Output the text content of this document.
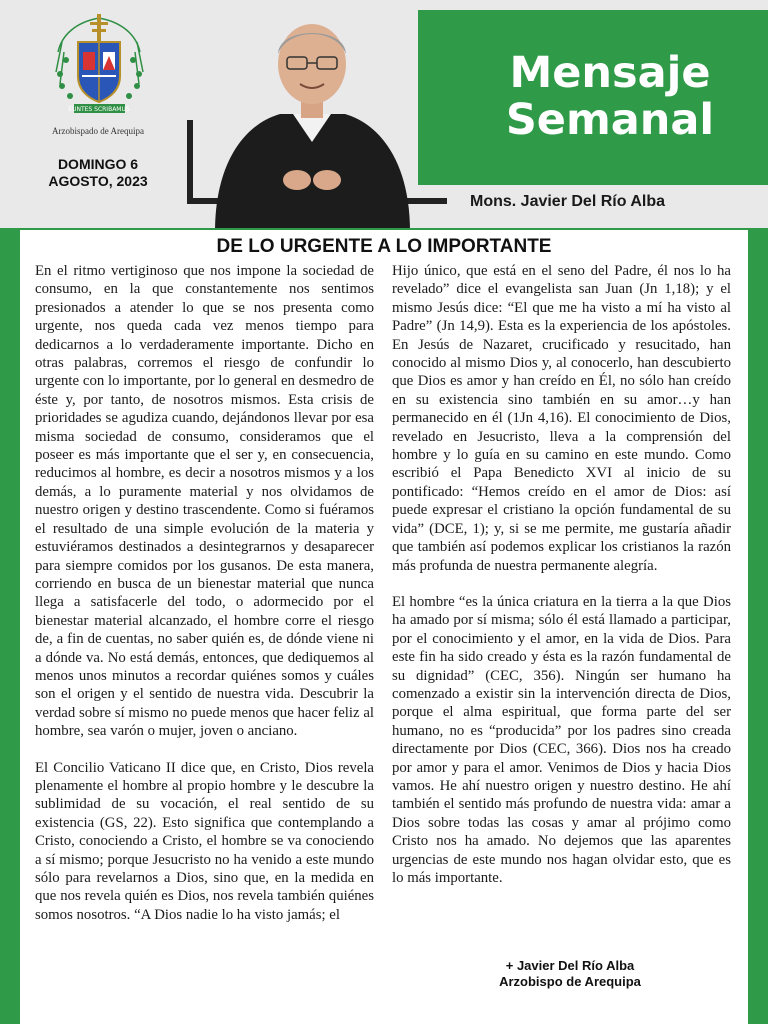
EUNTES SCRIBAMUS
Arzobispado de Arequipa
DOMINGO 6
AGOSTO, 2023
Mensaje
Semanal
Mons. Javier Del Río Alba
DE LO URGENTE A LO IMPORTANTE

En el ritmo vertiginoso que nos impone la sociedad de consumo, en la que constantemente nos sentimos presionados a atender lo que se nos presenta como urgente, nos queda cada vez menos tiempo para dedicarnos a lo verdaderamente importante. Dicho en otras palabras, corremos el riesgo de confundir lo urgente con lo importante, por lo general en desmedro de éste y, por tanto, de nosotros mismos. Esta crisis de prioridades se agudiza cuando, dejándonos llevar por esa misma sociedad de consumo, consideramos que el poseer es más importante que el ser y, en consecuencia, reducimos al hombre, es decir a nosotros mismos y a los demás, a lo puramente material y nos olvidamos de nuestro origen y destino trascendente. Como si fuéramos el resultado de una simple evolución de la materia y estuviéramos destinados a desintegrarnos y desaparecer para siempre comidos por los gusanos. De esta manera, corriendo en busca de un bienestar material que nunca llega a satisfacerle del todo, o adormecido por el bienestar material alcanzado, el hombre corre el riesgo de, a fin de cuentas, no saber quién es, de dónde viene ni a dónde va. No está demás, entonces, que dediquemos al menos unos minutos a recordar quiénes somos y cuáles son el origen y el sentido de nuestra vida. Descubrir la verdad sobre sí mismo no puede menos que hacer feliz al hombre, sea varón o mujer, joven o anciano.

El Concilio Vaticano II dice que, en Cristo, Dios revela plenamente el hombre al propio hombre y le descubre la sublimidad de su vocación, el real sentido de su existencia (GS, 22). Esto significa que contemplando a Cristo, conociendo a Cristo, el hombre se va conociendo a sí mismo; porque Jesucristo no ha venido a este mundo sólo para revelarnos a Dios, sino que, en la medida en que nos revela quién es Dios, nos revela también quiénes somos nosotros. “A Dios nadie lo ha visto jamás; el

Hijo único, que está en el seno del Padre, él nos lo ha revelado” dice el evangelista san Juan (Jn 1,18); y el mismo Jesús dice: “El que me ha visto a mí ha visto al Padre” (Jn 14,9). Esta es la experiencia de los apóstoles. En Jesús de Nazaret, crucificado y resucitado, han conocido al mismo Dios y, al conocerlo, han descubierto que Dios es amor y han creído en Él, no sólo han creído en su existencia sino también en su amor…y han permanecido en él (1Jn 4,16). El conocimiento de Dios, revelado en Jesucristo, lleva a la comprensión del hombre y lo guía en su camino en este mundo. Como escribió el Papa Benedicto XVI al inicio de su pontificado: “Hemos creído en el amor de Dios: así puede expresar el cristiano la opción fundamental de su vida” (DCE, 1); y, si se me permite, me gustaría añadir que también así podemos explicar los cristianos la razón más profunda de nuestra permanente alegría.

El hombre “es la única criatura en la tierra a la que Dios ha amado por sí misma; sólo él está llamado a participar, por el conocimiento y el amor, en la vida de Dios. Para este fin ha sido creado y ésta es la razón fundamental de su dignidad” (CEC, 356). Ningún ser humano ha comenzado a existir sin la intervención directa de Dios, porque el alma espiritual, que forma parte del ser humano, no es “producida” por los padres sino creada directamente por Dios (CEC, 366). Dios nos ha creado por amor y para el amor. Venimos de Dios y hacia Dios vamos. He ahí nuestro origen y nuestro destino. He ahí también el sentido más profundo de nuestra vida: amar a Dios sobre todas las cosas y amar al prójimo como Cristo nos ha amado. No dejemos que las aparentes urgencias de este mundo nos hagan olvidar esto, que es lo más importante.

+ Javier Del Río Alba
Arzobispo de Arequipa
